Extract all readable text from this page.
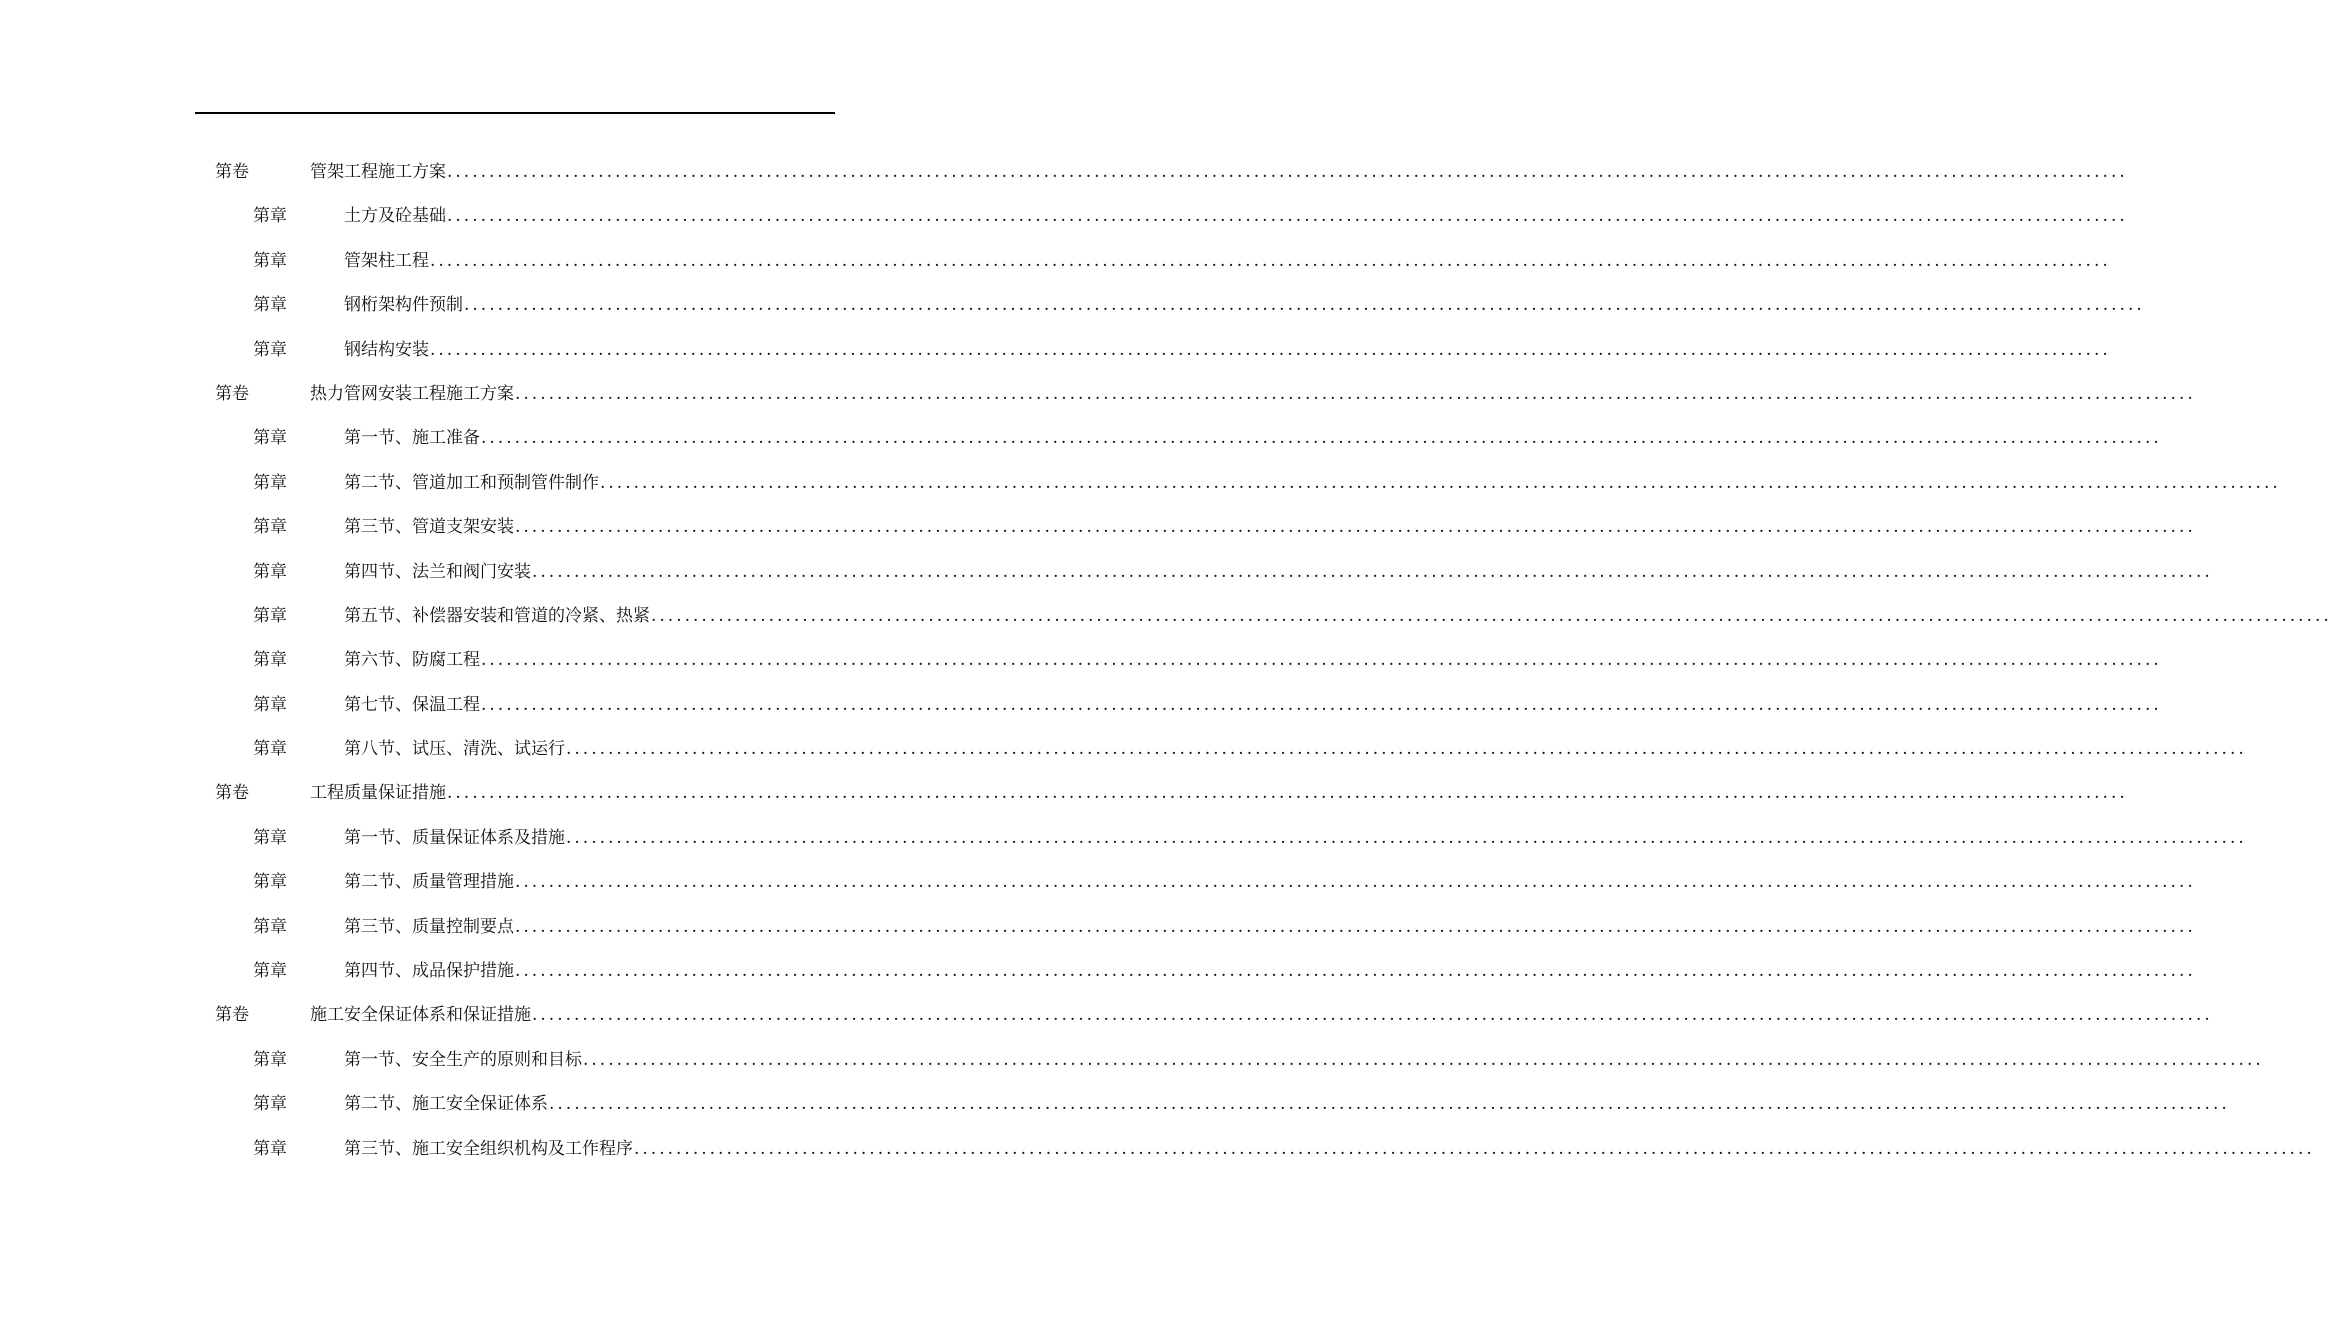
第卷	管架工程施工方案 ........................................................................................................................................................................................................
第章	土方及砼基础 ........................................................................................................................................................................................................
第章	管架柱工程 ........................................................................................................................................................................................................
第章	钢桁架构件预制 ........................................................................................................................................................................................................
第章	钢结构安装 ........................................................................................................................................................................................................
第卷	热力管网安装工程施工方案 ........................................................................................................................................................................................................
第章	第一节、施工准备 ........................................................................................................................................................................................................
第章	第二节、管道加工和预制管件制作 ........................................................................................................................................................................................................
第章	第三节、管道支架安装 ........................................................................................................................................................................................................
第章	第四节、法兰和阀门安装 ........................................................................................................................................................................................................
第章	第五节、补偿器安装和管道的冷紧、热紧 ........................................................................................................................................................................................................
第章	第六节、防腐工程 ........................................................................................................................................................................................................
第章	第七节、保温工程 ........................................................................................................................................................................................................
第章	第八节、试压、清洗、试运行 ........................................................................................................................................................................................................
第卷	工程质量保证措施 ........................................................................................................................................................................................................
第章	第一节、质量保证体系及措施 ........................................................................................................................................................................................................
第章	第二节、质量管理措施 ........................................................................................................................................................................................................
第章	第三节、质量控制要点 ........................................................................................................................................................................................................
第章	第四节、成品保护措施 ........................................................................................................................................................................................................
第卷	施工安全保证体系和保证措施 ........................................................................................................................................................................................................
第章	第一节、安全生产的原则和目标 ........................................................................................................................................................................................................
第章	第二节、施工安全保证体系 ........................................................................................................................................................................................................
第章	第三节、施工安全组织机构及工作程序 ........................................................................................................................................................................................................
